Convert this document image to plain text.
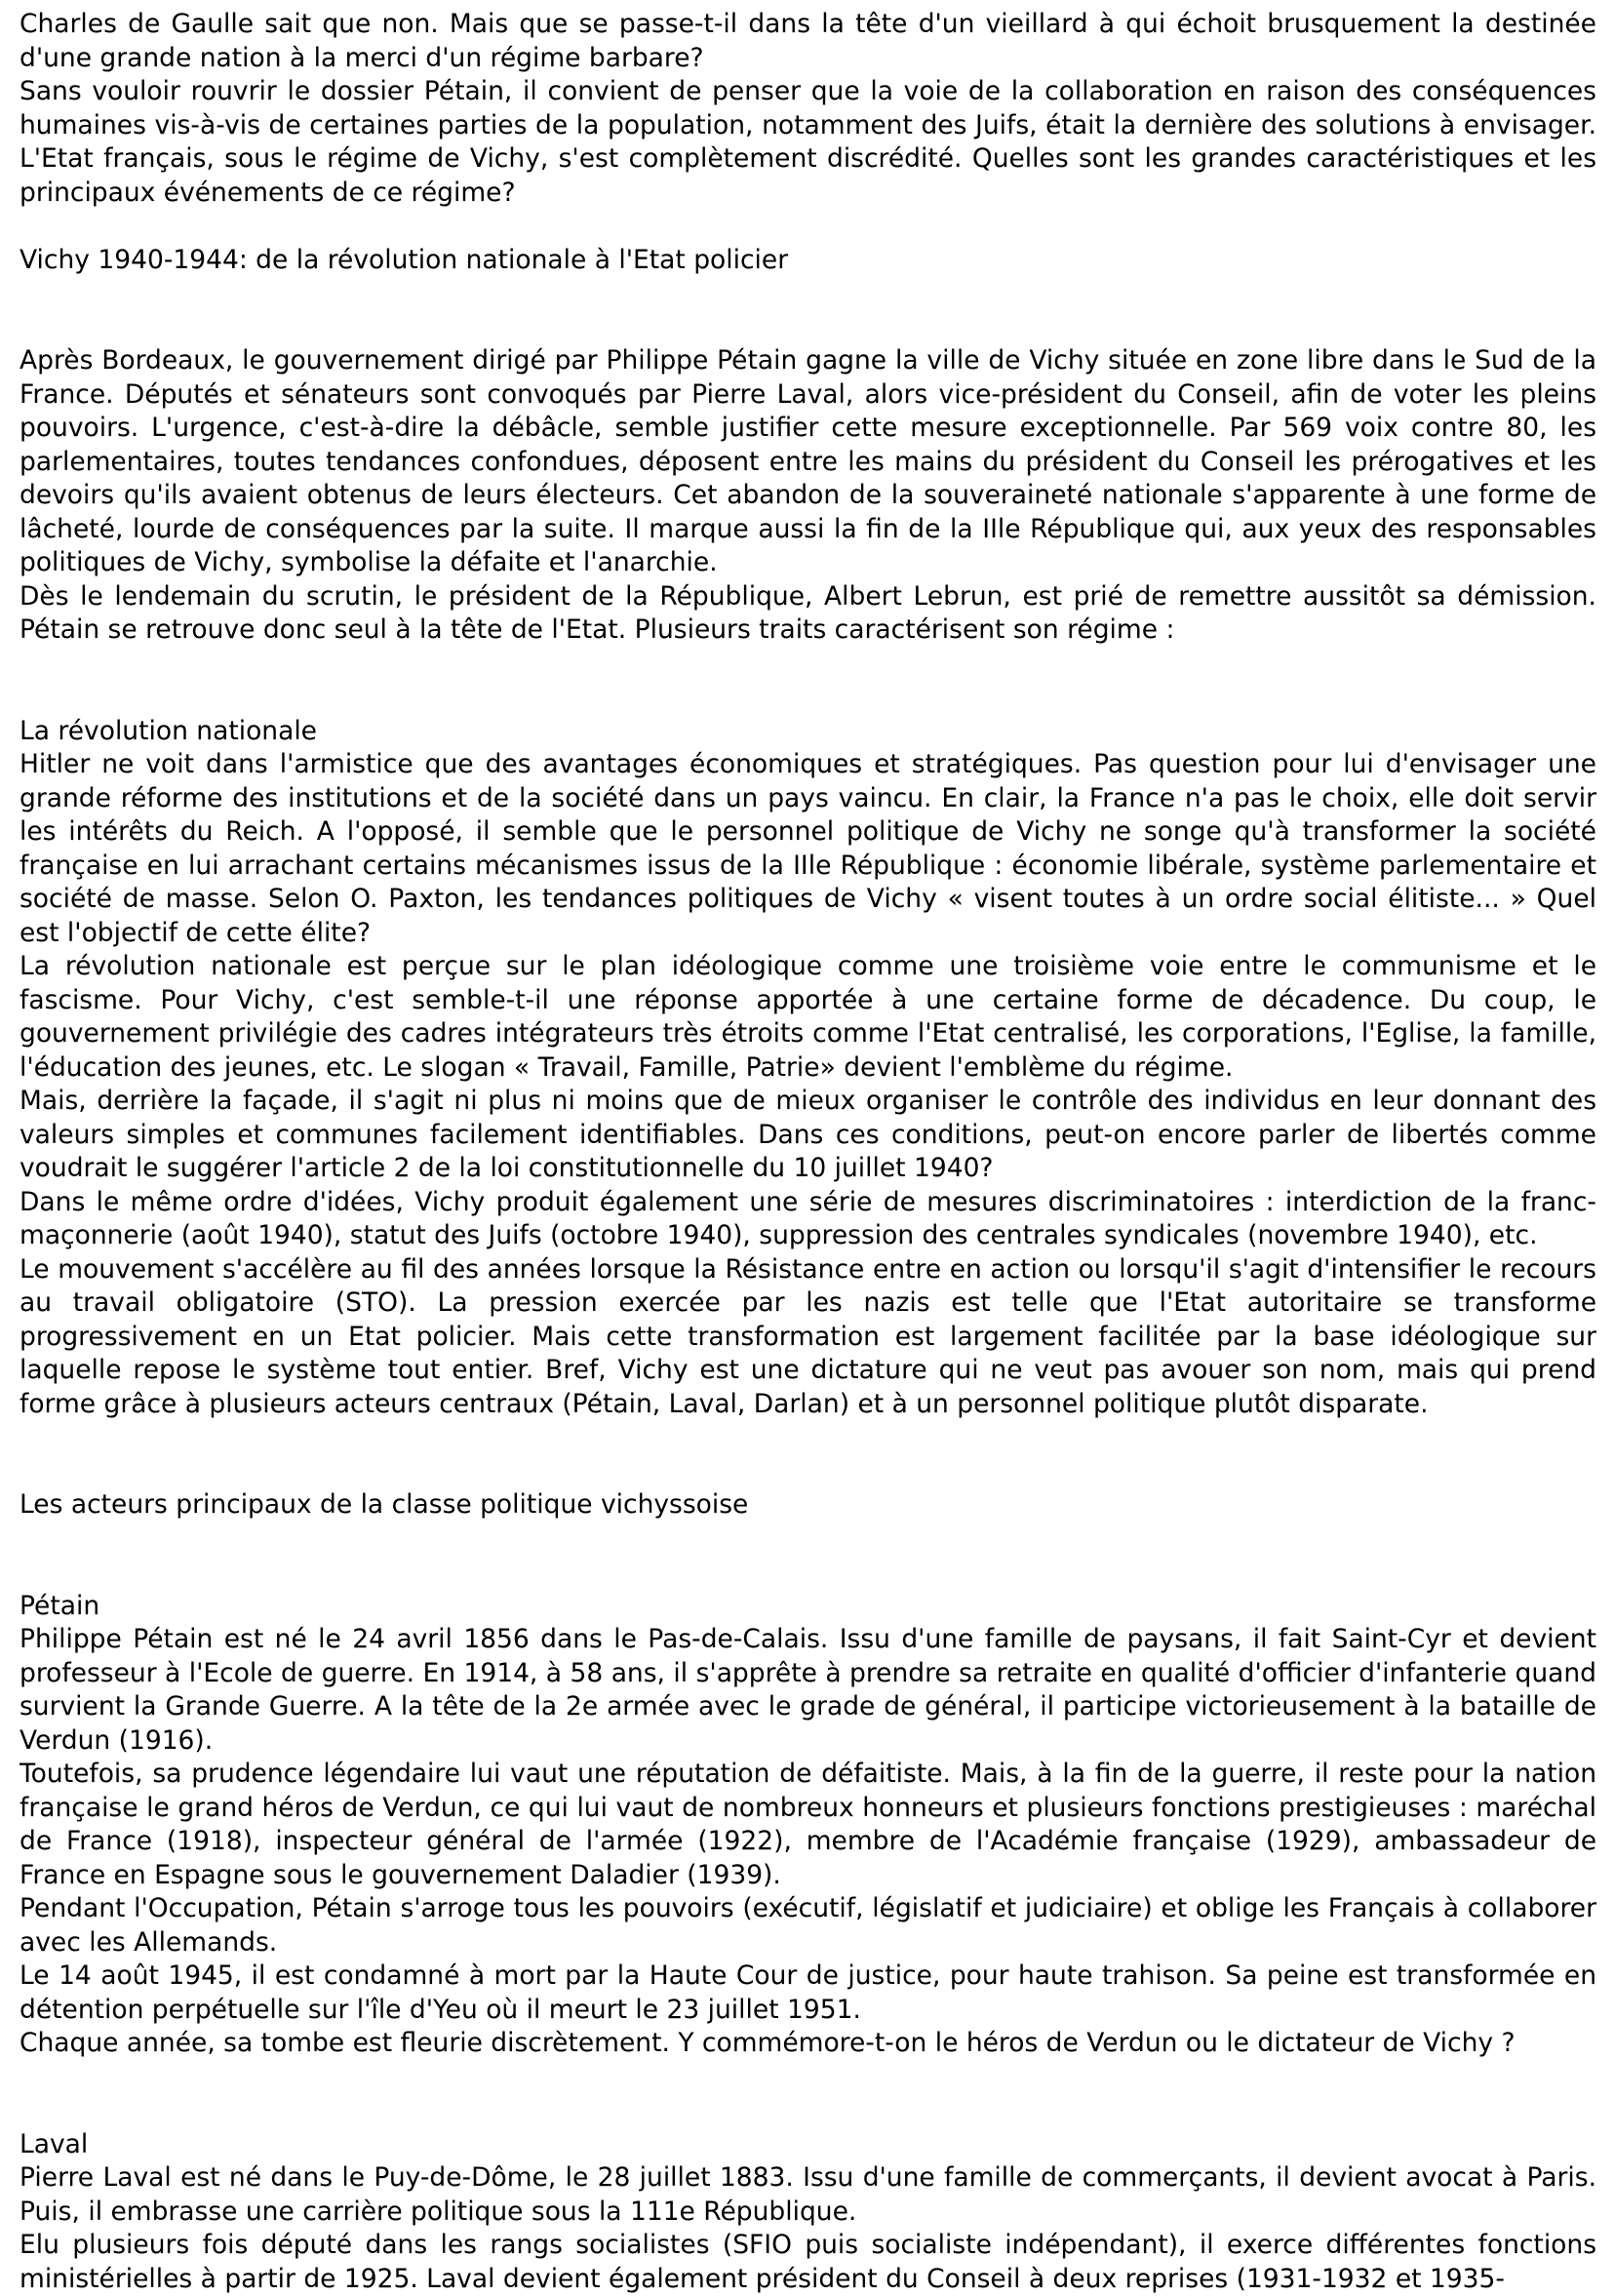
Charles de Gaulle sait que non. Mais que se passe-t-il dans la tête d'un vieillard à qui échoit brusquement la destinée d'une grande nation à la merci d'un régime barbare?

Sans vouloir rouvrir le dossier Pétain, il convient de penser que la voie de la collaboration en raison des conséquences humaines vis-à-vis de certaines parties de la population, notamment des Juifs, était la dernière des solutions à envisager. L'Etat français, sous le régime de Vichy, s'est complètement discrédité. Quelles sont les grandes caractéristiques et les principaux événements de ce régime?

Vichy 1940-1944: de la révolution nationale à l'Etat policier

Après Bordeaux, le gouvernement dirigé par Philippe Pétain gagne la ville de Vichy située en zone libre dans le Sud de la France. Députés et sénateurs sont convoqués par Pierre Laval, alors vice-président du Conseil, afin de voter les pleins pouvoirs. L'urgence, c'est-à-dire la débâcle, semble justifier cette mesure exceptionnelle. Par 569 voix contre 80, les parlementaires, toutes tendances confondues, déposent entre les mains du président du Conseil les prérogatives et les devoirs qu'ils avaient obtenus de leurs électeurs. Cet abandon de la souveraineté nationale s'apparente à une forme de lâcheté, lourde de conséquences par la suite. Il marque aussi la fin de la IIle République qui, aux yeux des responsables politiques de Vichy, symbolise la défaite et l'anarchie.

Dès le lendemain du scrutin, le président de la République, Albert Lebrun, est prié de remettre aussitôt sa démission. Pétain se retrouve donc seul à la tête de l'Etat. Plusieurs traits caractérisent son régime :

La révolution nationale

Hitler ne voit dans l'armistice que des avantages économiques et stratégiques. Pas question pour lui d'envisager une grande réforme des institutions et de la société dans un pays vaincu. En clair, la France n'a pas le choix, elle doit servir les intérêts du Reich. A l'opposé, il semble que le personnel politique de Vichy ne songe qu'à transformer la société française en lui arrachant certains mécanismes issus de la IIle République : économie libérale, système parlementaire et société de masse. Selon O. Paxton, les tendances politiques de Vichy « visent toutes à un ordre social élitiste... » Quel est l'objectif de cette élite?

La révolution nationale est perçue sur le plan idéologique comme une troisième voie entre le communisme et le fascisme. Pour Vichy, c'est semble-t-il une réponse apportée à une certaine forme de décadence. Du coup, le gouvernement privilégie des cadres intégrateurs très étroits comme l'Etat centralisé, les corporations, l'Eglise, la famille, l'éducation des jeunes, etc. Le slogan « Travail, Famille, Patrie» devient l'emblème du régime.

Mais, derrière la façade, il s'agit ni plus ni moins que de mieux organiser le contrôle des individus en leur donnant des valeurs simples et communes facilement identifiables. Dans ces conditions, peut-on encore parler de libertés comme voudrait le suggérer l'article 2 de la loi constitutionnelle du 10 juillet 1940?

Dans le même ordre d'idées, Vichy produit également une série de mesures discriminatoires : interdiction de la franc-maçonnerie (août 1940), statut des Juifs (octobre 1940), suppression des centrales syndicales (novembre 1940), etc.

Le mouvement s'accélère au fil des années lorsque la Résistance entre en action ou lorsqu'il s'agit d'intensifier le recours au travail obligatoire (STO). La pression exercée par les nazis est telle que l'Etat autoritaire se transforme progressivement en un Etat policier. Mais cette transformation est largement facilitée par la base idéologique sur laquelle repose le système tout entier. Bref, Vichy est une dictature qui ne veut pas avouer son nom, mais qui prend forme grâce à plusieurs acteurs centraux (Pétain, Laval, Darlan) et à un personnel politique plutôt disparate.

Les acteurs principaux de la classe politique vichyssoise

Pétain

Philippe Pétain est né le 24 avril 1856 dans le Pas-de-Calais. Issu d'une famille de paysans, il fait Saint-Cyr et devient professeur à l'Ecole de guerre. En 1914, à 58 ans, il s'apprête à prendre sa retraite en qualité d'officier d'infanterie quand survient la Grande Guerre. A la tête de la 2e armée avec le grade de général, il participe victorieusement à la bataille de Verdun (1916).

Toutefois, sa prudence légendaire lui vaut une réputation de défaitiste. Mais, à la fin de la guerre, il reste pour la nation française le grand héros de Verdun, ce qui lui vaut de nombreux honneurs et plusieurs fonctions prestigieuses : maréchal de France (1918), inspecteur général de l'armée (1922), membre de l'Académie française (1929), ambassadeur de France en Espagne sous le gouvernement Daladier (1939).

Pendant l'Occupation, Pétain s'arroge tous les pouvoirs (exécutif, législatif et judiciaire) et oblige les Français à collaborer avec les Allemands.

Le 14 août 1945, il est condamné à mort par la Haute Cour de justice, pour haute trahison. Sa peine est transformée en détention perpétuelle sur l'île d'Yeu où il meurt le 23 juillet 1951.

Chaque année, sa tombe est fleurie discrètement. Y commémore-t-on le héros de Verdun ou le dictateur de Vichy ?

Laval

Pierre Laval est né dans le Puy-de-Dôme, le 28 juillet 1883. Issu d'une famille de commerçants, il devient avocat à Paris. Puis, il embrasse une carrière politique sous la 111e République.

Elu plusieurs fois député dans les rangs socialistes (SFIO puis socialiste indépendant), il exerce différentes fonctions ministérielles à partir de 1925. Laval devient également président du Conseil à deux reprises (1931-1932 et 1935-
